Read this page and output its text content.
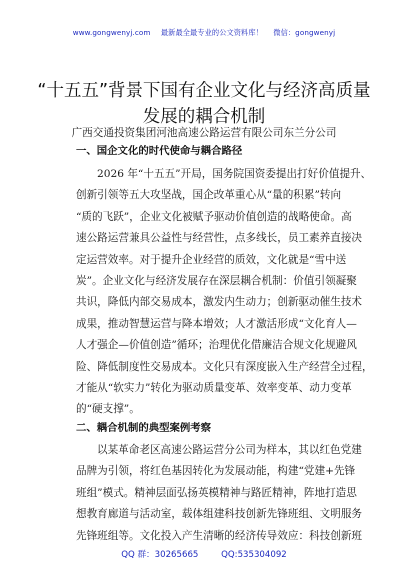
www.gongwenyj.com 最新最全最专业的公文资料库！ 微信：gongwenyj
“十五五”背景下国有企业文化与经济高质量
发展的耦合机制
广西交通投资集团河池高速公路运营有限公司东兰分公司
一、国企文化的时代使命与耦合路径
2026 年“十五五”开局，国务院国资委提出打好价值提升、
创新引领等五大攻坚战，国企改革重心从“量的积累”转向
“质的飞跃”，企业文化被赋予驱动价值创造的战略使命。高
速公路运营兼具公益性与经营性，点多线长，员工素养直接决
定运营效率。对于提升企业经营的质效，文化就是“雪中送
炭”。企业文化与经济发展存在深层耦合机制：价值引领凝聚
共识，降低内部交易成本，激发内生动力；创新驱动催生技术
成果，推动智慧运营与降本增效；人才激活形成“文化育人—
人才强企—价值创造”循环；治理优化借廉洁合规文化规避风
险、降低制度性交易成本。文化只有深度嵌入生产经营全过程，
才能从“软实力”转化为驱动质量变革、效率变革、动力变革
的“硬支撑”。
二、耦合机制的典型案例考察
以某革命老区高速公路运营分公司为样本，其以红色党建
品牌为引领，将红色基因转化为发展动能，构建“党建+先锋
班组”模式。精神层面弘扬英模精神与路匠精神，阵地打造思
想教育廊道与活动室，载体组建科技创新先锋班组、文明服务
先锋班组等。文化投入产生清晰的经济传导效应：科技创新班
QQ 群：30265665	QQ:535304092
